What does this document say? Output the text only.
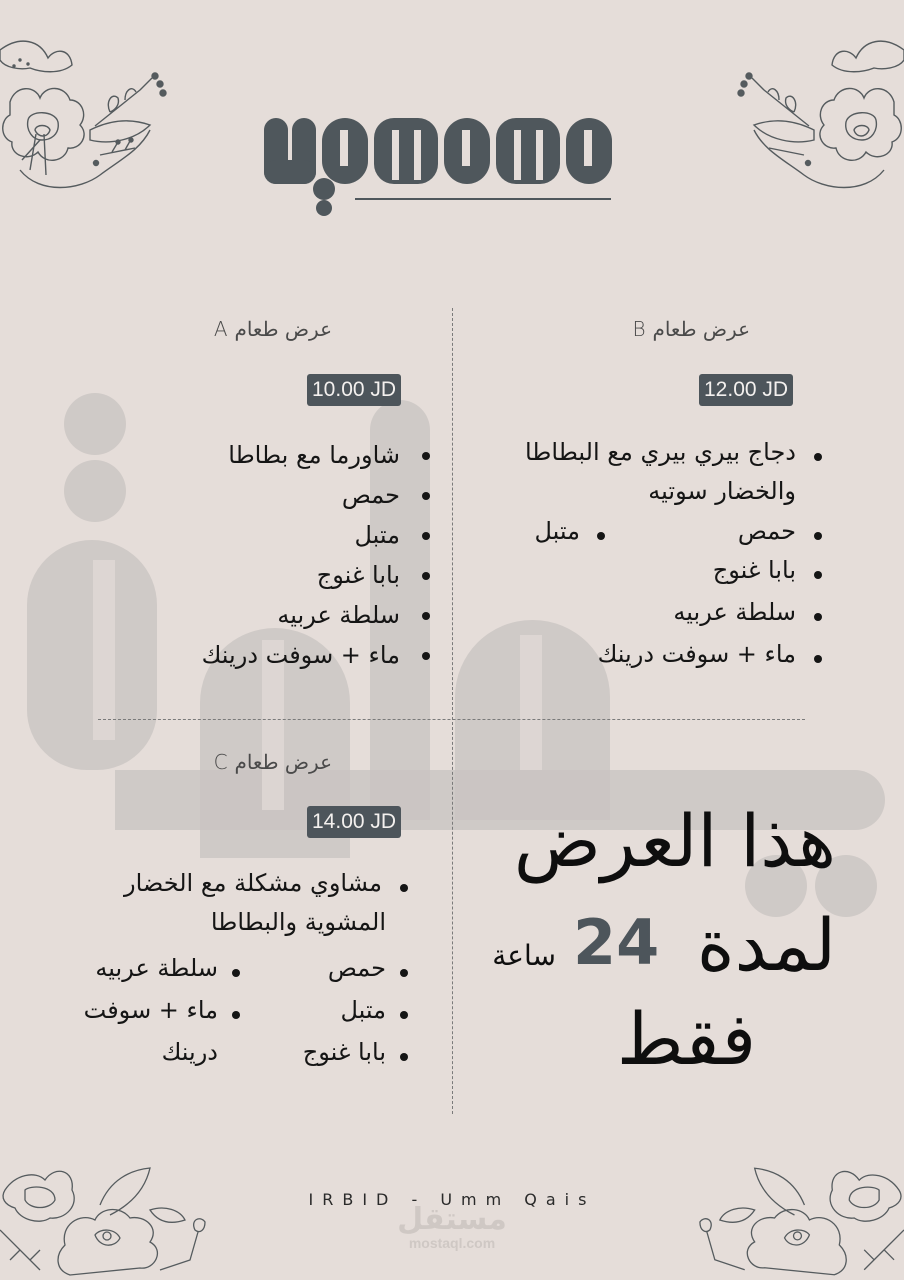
عرض طعام A
10.00 JD
شاورما مع بطاطا
حمص
متبل
بابا غنوج
سلطة عربيه
ماء + سوفت درينك
عرض طعام B
12.00 JD
دجاج بيري بيري مع البطاطا
والخضار سوتيه
حمص
متبل
بابا غنوج
سلطة عربيه
ماء + سوفت درينك
عرض طعام C
14.00 JD
مشاوي مشكلة مع الخضار
المشوية والبطاطا
حمص
سلطة عربيه
متبل
ماء + سوفت
بابا غنوج
درينك
هذا العرض
لمدة
24
ساعة
فقط
IRBID - Umm Qais
مستقل
mostaql.com
